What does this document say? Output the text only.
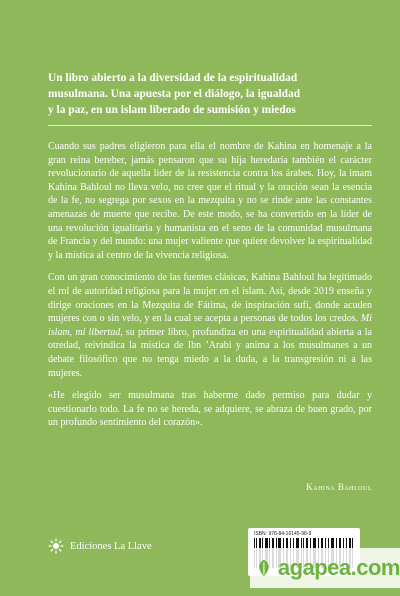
Un libro abierto a la diversidad de la espiritualidad
musulmana. Una apuesta por el diálogo, la igualdad
y la paz, en un islam liberado de sumisión y miedos

Cuando sus padres eligieron para ella el nombre de Kahina en homenaje a la gran reina bereber, jamás pensaron que su hija heredaría también el carácter revolucionario de aquella líder de la resistencia contra los árabes. Hoy, la imam Kahina Bahloul no lleva velo, no cree que el ritual y la oración sean la esencia de la fe, no segrega por sexos en la mezquita y no se rinde ante las constantes amenazas de muerte que recibe. De este modo, se ha convertido en la líder de una revolución igualitaria y humanista en el seno de la comunidad musulmana de Francia y del mundo: una mujer valiente que quiere devolver la espiritualidad y la mística al centro de la vivencia religiosa.

Con un gran conocimiento de las fuentes clásicas, Kahina Bahloul ha legitimado el rol de autoridad religiosa para la mujer en el islam. Así, desde 2019 enseña y dirige oraciones en la Mezquita de Fátima, de inspiración sufí, donde acuden mujeres con o sin velo, y en la cual se acepta a personas de todos los credos. Mi islam, mi libertad, su primer libro, profundiza en una espiritualidad abierta a la otredad, reivindica la mística de Ibn ’Arabi y anima a los musulmanes a un debate filosófico que no tenga miedo a la duda, a la transgresión ni a las mujeres.

«He elegido ser musulmana tras haberme dado permiso para dudar y cuestionarlo todo. La fe no se hereda, se adquiere, se abraza de buen grado, por un profundo sentimiento del corazón».

Kahina Bahloul
Ediciones La Llave
ISBN: 978-84-16145-98-9
agapea.com
